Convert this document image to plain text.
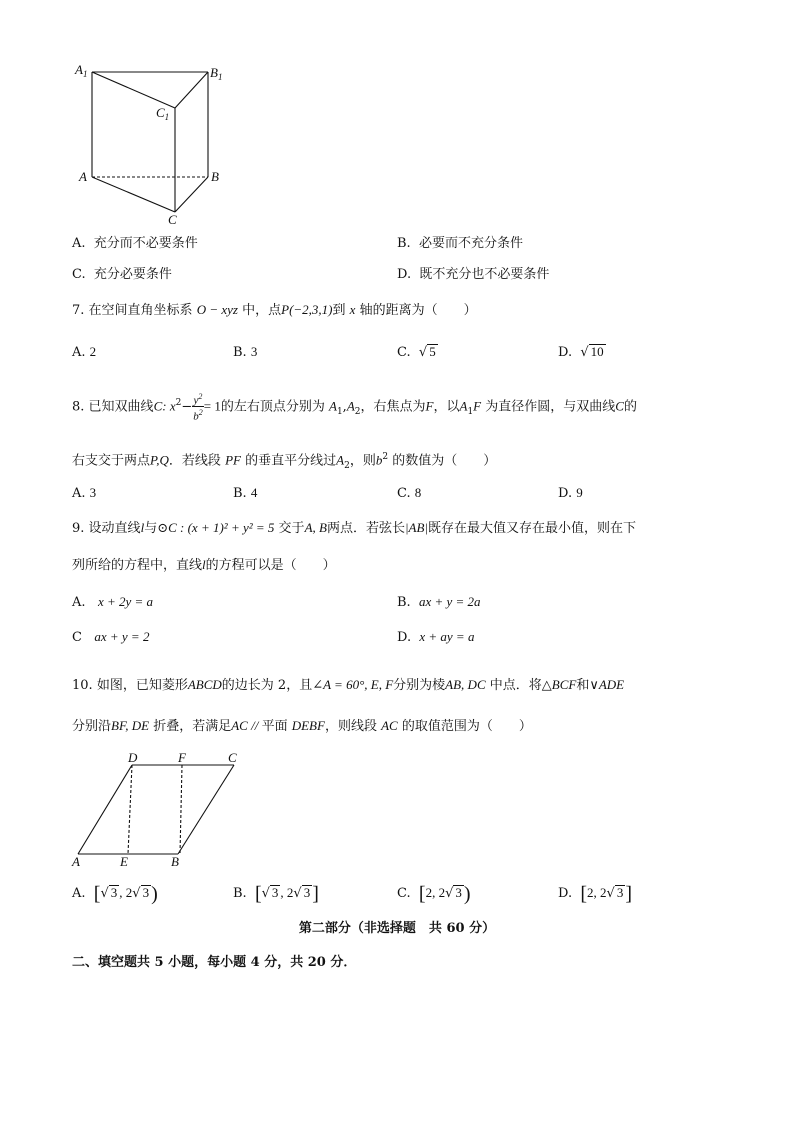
$A_1$	$B_1$
$C_1$
A	B
C
A. 充分而不必要条件	B. 必要而不充分条件
C. 充分必要条件	D. 既不充分也不必要条件
7. 在空间直角坐标系 O − xyz 中，点P(−2,3,1)到 x 轴的距离为（　　）
A. 2	B. 3	C.  √ 5	D.  √ 10
8. 已知双曲线C: $x^2- \frac{y^2}{b^2} = 1$的左右顶点分别为 $A_1,A_2$，右焦点为F，以$A_1F$ 为直径作圆，与双曲线C的
右支交于两点P,Q．若线段 PF 的垂直平分线过$A_2$，则$b^2$ 的数值为（　　）
A. 3	B. 4	C. 8	D. 9
9. 设动直线l与⊙C : (x + 1)² + y² = 5 交于A, B两点．若弦长|AB|既存在最大值又存在最小值，则在下
列所给的方程中，直线l的方程可以是（　　）
A. x + 2y = a	B. ax + y = 2a
C ax + y = 2	D. x + ay = a
10. 如图，已知菱形ABCD的边长为 2，且∠A = 60°, E, F分别为棱AB, DC 中点．将△BCF和∨ADE
分别沿BF, DE 折叠，若满足AC // 平面 DEBF，则线段 AC 的取值范围为（　　）
D	F	C
A	E	B
A. [√ 3 , 2√ 3 )	B. [√ 3 , 2√ 3 ]	C. [2, 2√ 3 )	D. [2, 2√ 3 ]
第二部分（非选择题　共 60 分）
二、填空题共 5 小题，每小题 4 分，共 20 分．
